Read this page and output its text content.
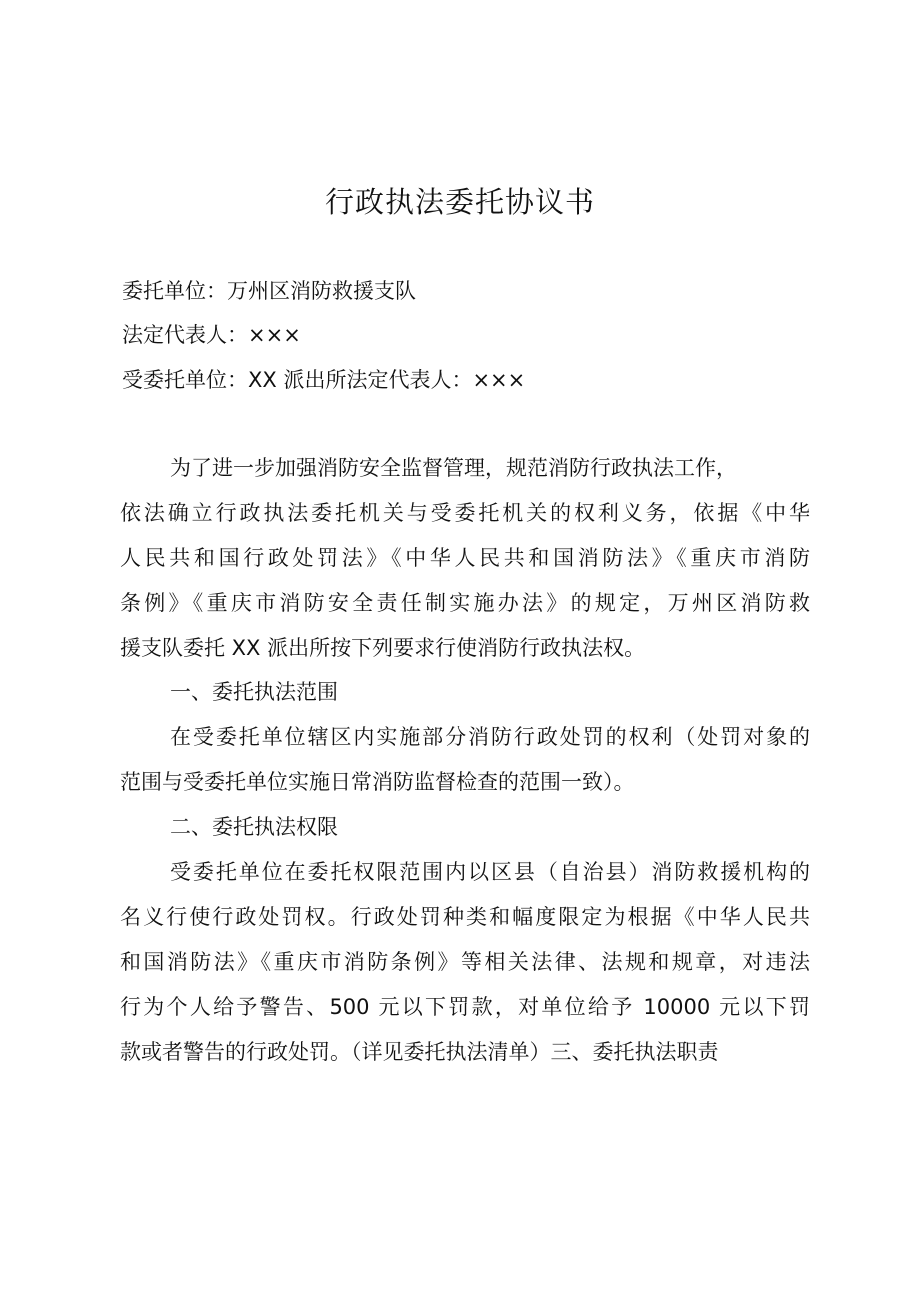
行政执法委托协议书
委托单位：万州区消防救援支队
法定代表人：×××
受委托单位：XX 派出所法定代表人：×××
为了进一步加强消防安全监督管理，规范消防行政执法工作，
依法确立行政执法委托机关与受委托机关的权利义务，依据《中华
人民共和国行政处罚法》《中华人民共和国消防法》《重庆市消防
条例》《重庆市消防安全责任制实施办法》的规定，万州区消防救
援支队委托 XX 派出所按下列要求行使消防行政执法权。
一、委托执法范围
在受委托单位辖区内实施部分消防行政处罚的权利（处罚对象的
范围与受委托单位实施日常消防监督检查的范围一致）。
二、委托执法权限
受委托单位在委托权限范围内以区县（自治县）消防救援机构的
名义行使行政处罚权。行政处罚种类和幅度限定为根据《中华人民共
和国消防法》《重庆市消防条例》等相关法律、法规和规章，对违法
行为个人给予警告、500 元以下罚款，对单位给予 10000 元以下罚
款或者警告的行政处罚。（详见委托执法清单）三、委托执法职责
